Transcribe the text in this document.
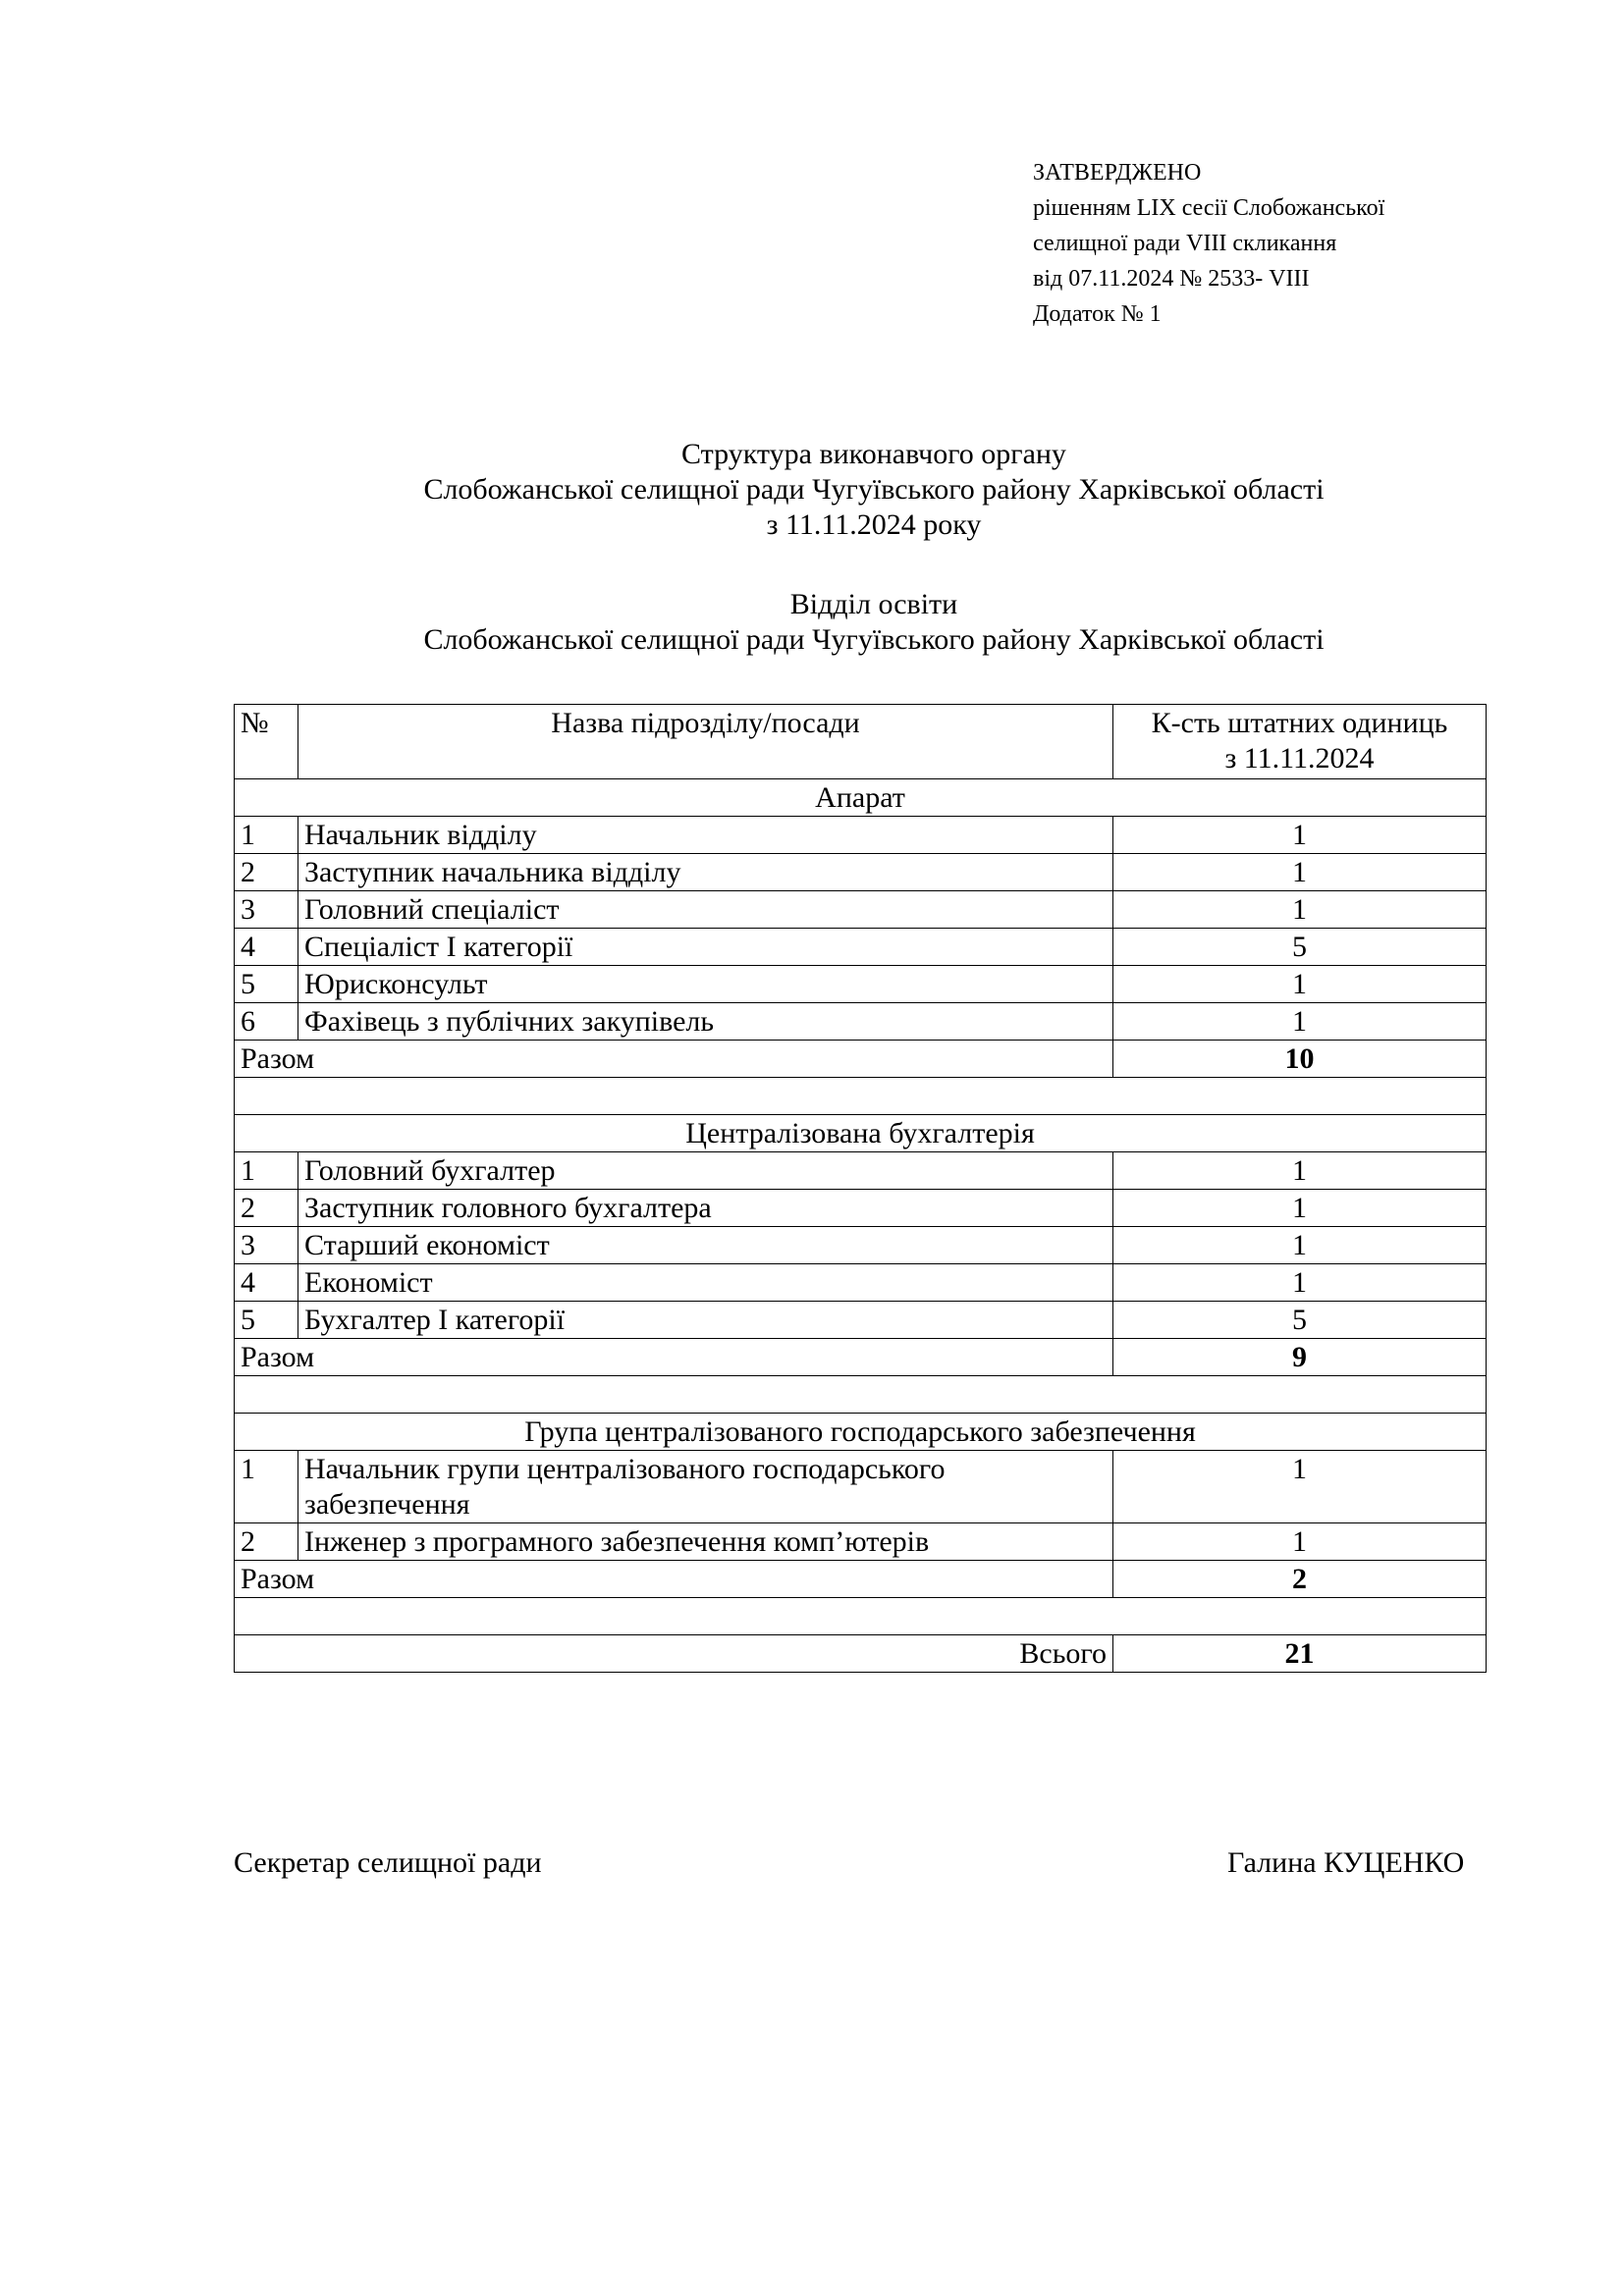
ЗАТВЕРДЖЕНО
рішенням LIX сесії Слобожанської
селищної ради VIII скликання
від 07.11.2024 № 2533- VIII
Додаток № 1
Структура виконавчого органу
Слобожанської селищної ради Чугуївського району Харківської області
з 11.11.2024 року
Відділ освіти
Слобожанської селищної ради Чугуївського району Харківської області
№	Назва підрозділу/посади	К-сть штатних одиниць
з 11.11.2024

Апарат		
1	Начальник відділу	1
2	Заступник начальника відділу	1
3	Головний спеціаліст	1
4	Спеціаліст І категорії	5
5	Юрисконсульт	1
6	Фахівець з публічних закупівель	1
Разом		10

Централізована бухгалтерія		
1	Головний бухгалтер	1
2	Заступник головного бухгалтера	1
3	Старший економіст	1
4	Економіст	1
5	Бухгалтер І категорії	5
Разом		9

Група централізованого господарського забезпечення		
1	Начальник групи централізованого господарського забезпечення	1
2	Інженер з програмного забезпечення комп’ютерів	1
Разом		2

Всього		21
Секретар селищної ради	Галина КУЦЕНКО
